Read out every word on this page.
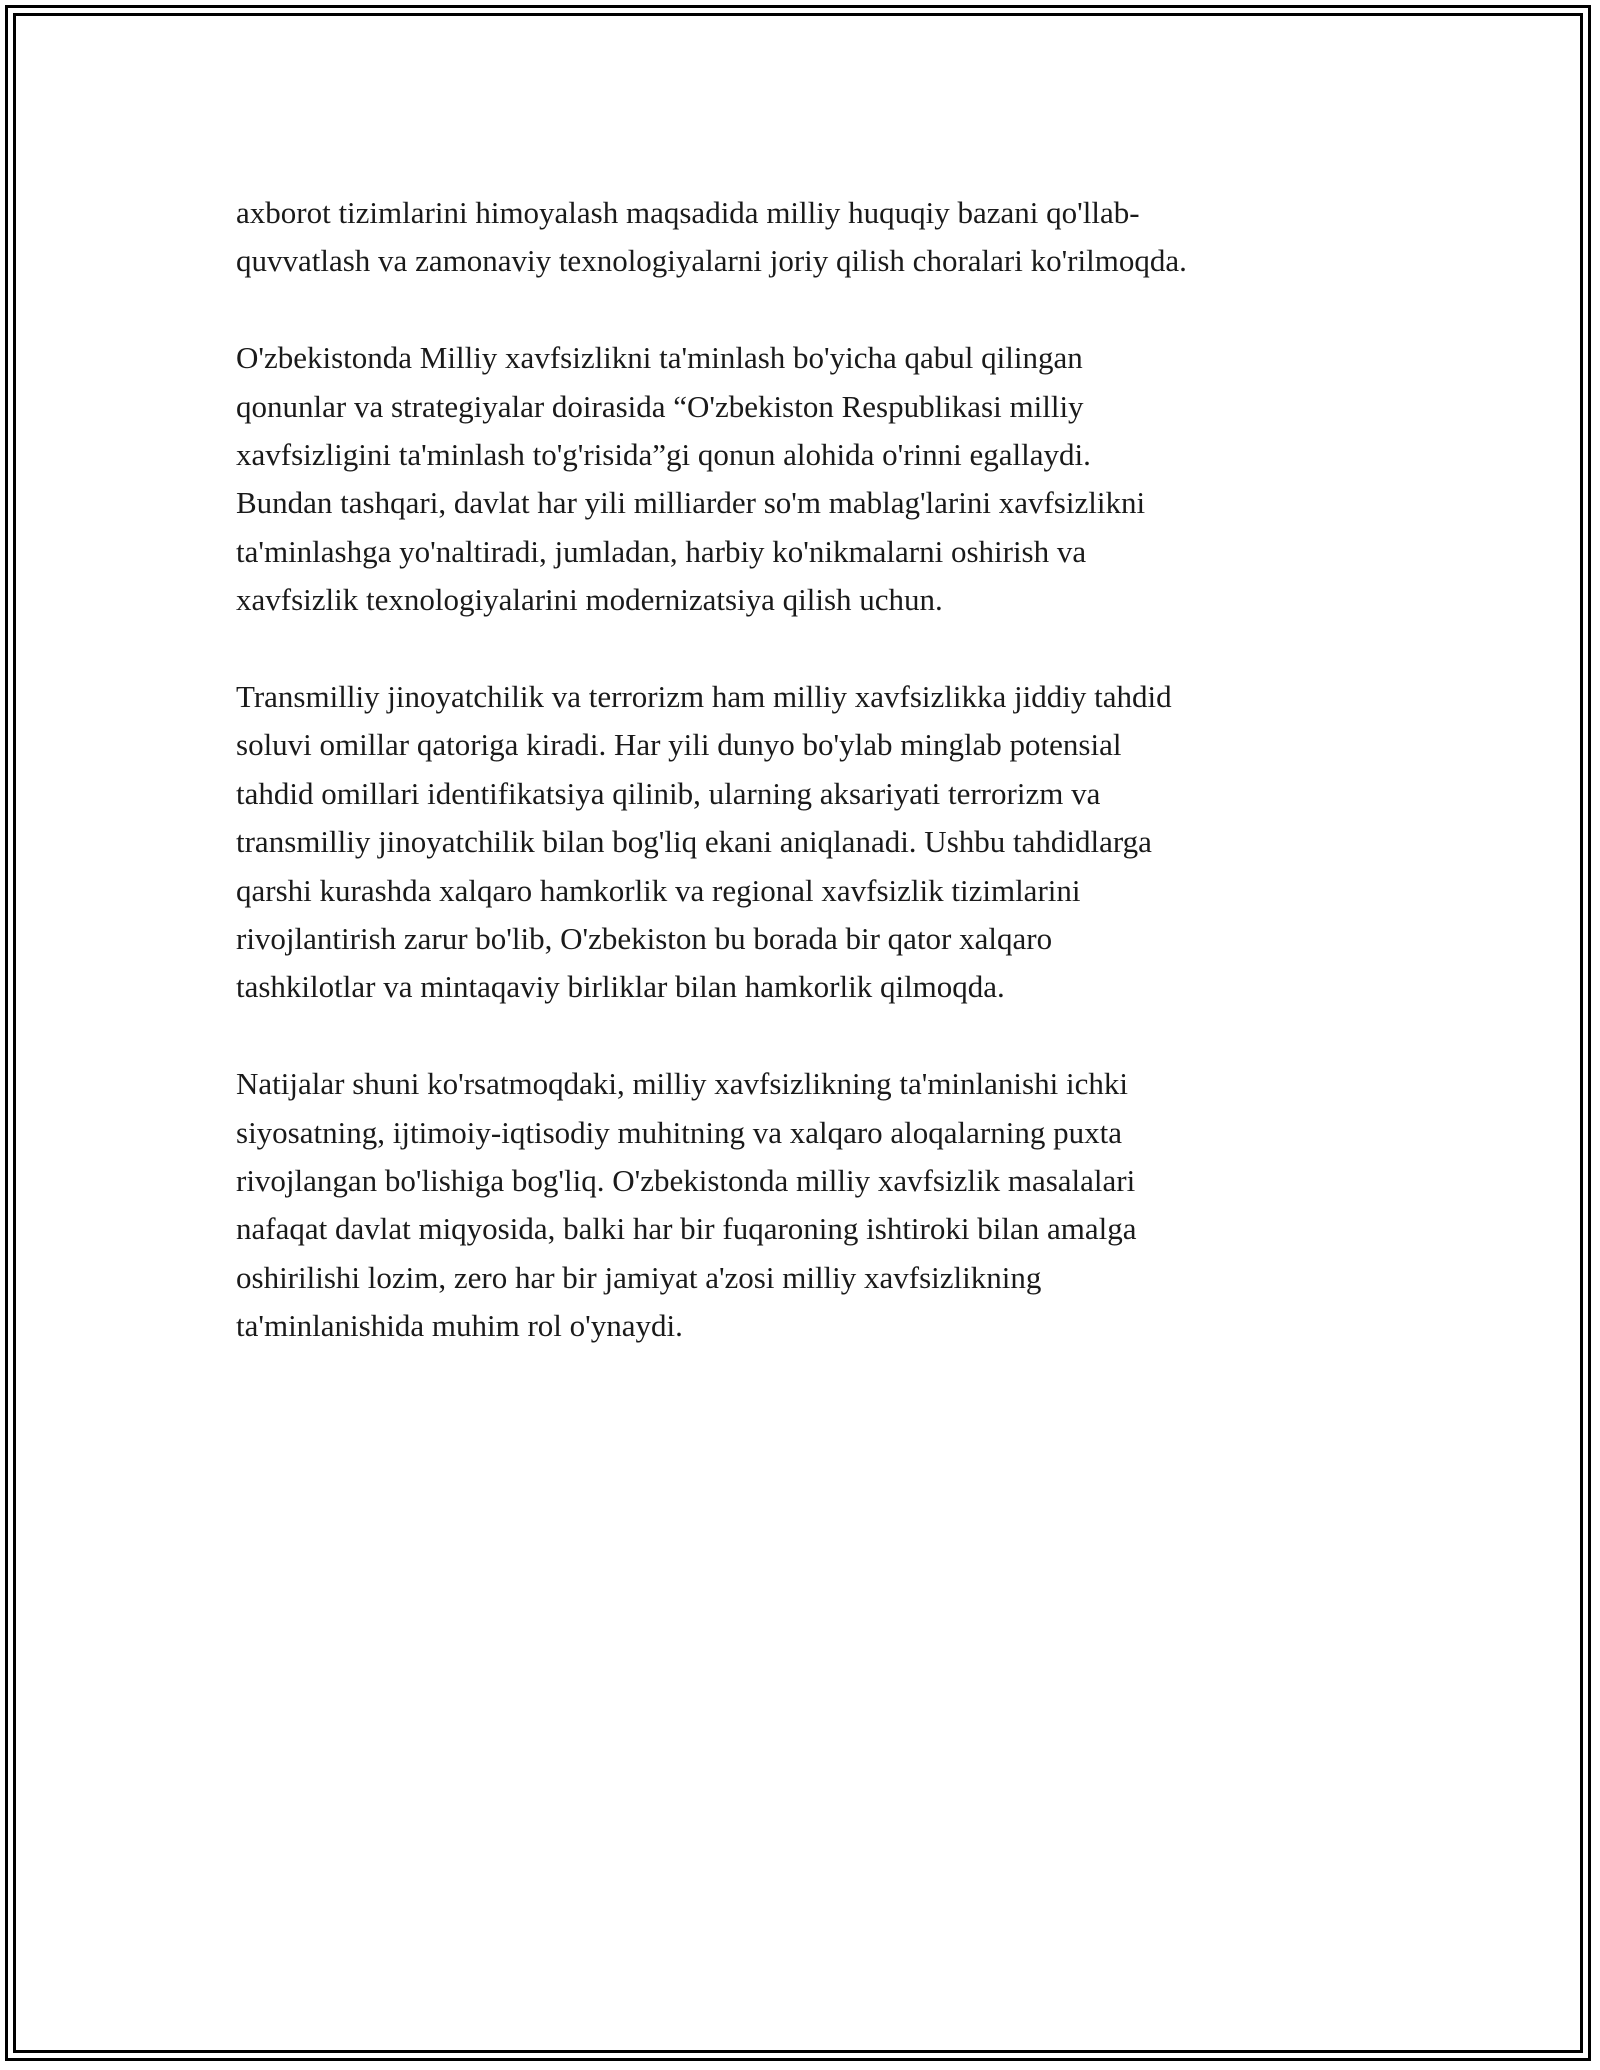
axborot tizimlarini himoyalash maqsadida milliy huquqiy bazani qo'llab-
quvvatlash va zamonaviy texnologiyalarni joriy qilish choralari ko'rilmoqda.

O'zbekistonda Milliy xavfsizlikni ta'minlash bo'yicha qabul qilingan
qonunlar va strategiyalar doirasida “O'zbekiston Respublikasi milliy
xavfsizligini ta'minlash to'g'risida”gi qonun alohida o'rinni egallaydi.
Bundan tashqari, davlat har yili milliarder so'm mablag'larini xavfsizlikni
ta'minlashga yo'naltiradi, jumladan, harbiy ko'nikmalarni oshirish va
xavfsizlik texnologiyalarini modernizatsiya qilish uchun.

Transmilliy jinoyatchilik va terrorizm ham milliy xavfsizlikka jiddiy tahdid
soluvi omillar qatoriga kiradi. Har yili dunyo bo'ylab minglab potensial
tahdid omillari identifikatsiya qilinib, ularning aksariyati terrorizm va
transmilliy jinoyatchilik bilan bog'liq ekani aniqlanadi. Ushbu tahdidlarga
qarshi kurashda xalqaro hamkorlik va regional xavfsizlik tizimlarini
rivojlantirish zarur bo'lib, O'zbekiston bu borada bir qator xalqaro
tashkilotlar va mintaqaviy birliklar bilan hamkorlik qilmoqda.

Natijalar shuni ko'rsatmoqdaki, milliy xavfsizlikning ta'minlanishi ichki
siyosatning, ijtimoiy-iqtisodiy muhitning va xalqaro aloqalarning puxta
rivojlangan bo'lishiga bog'liq. O'zbekistonda milliy xavfsizlik masalalari
nafaqat davlat miqyosida, balki har bir fuqaroning ishtiroki bilan amalga
oshirilishi lozim, zero har bir jamiyat a'zosi milliy xavfsizlikning
ta'minlanishida muhim rol o'ynaydi.
